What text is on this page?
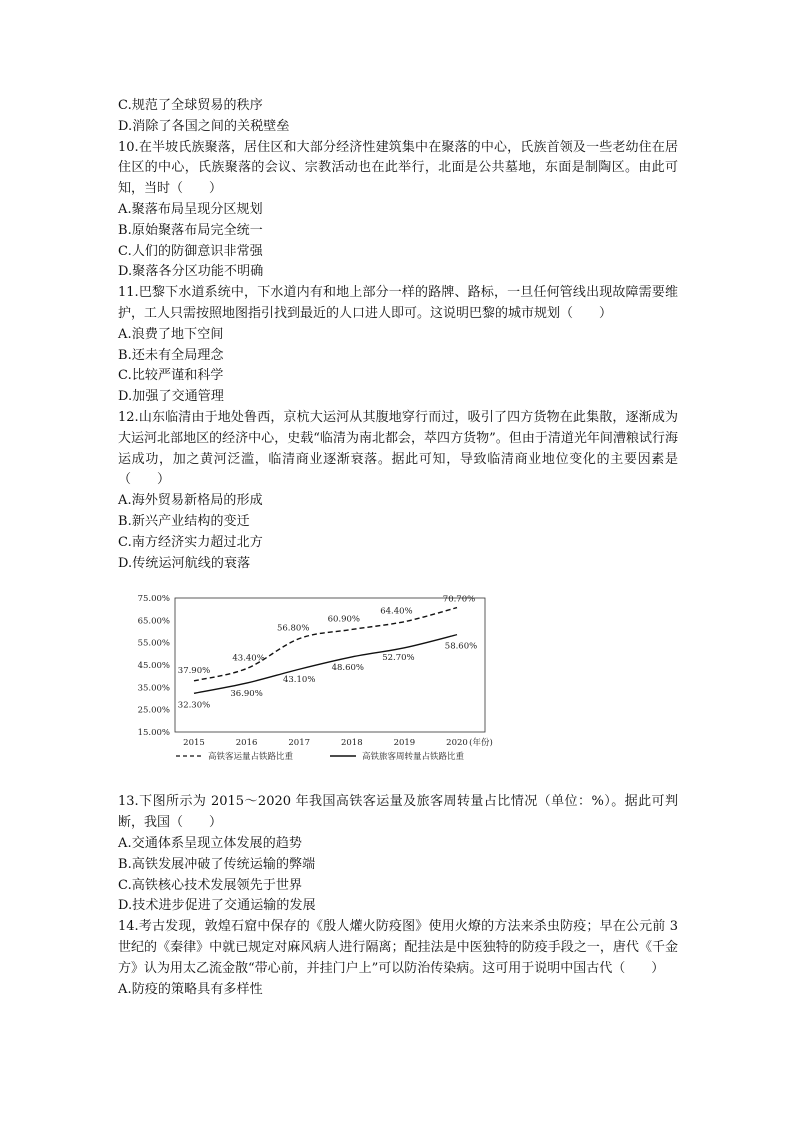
C.规范了全球贸易的秩序
D.消除了各国之间的关税壁垒
10.在半坡氏族聚落，居住区和大部分经济性建筑集中在聚落的中心，氏族首领及一些老幼住在居住区的中心，氏族聚落的会议、宗教活动也在此举行，北面是公共墓地，东面是制陶区。由此可知，当时（　　）
A.聚落布局呈现分区规划
B.原始聚落布局完全统一
C.人们的防御意识非常强
D.聚落各分区功能不明确
11.巴黎下水道系统中，下水道内有和地上部分一样的路牌、路标，一旦任何管线出现故障需要维护，工人只需按照地图指引找到最近的人口进人即可。这说明巴黎的城市规划（　　）
A.浪费了地下空间
B.还未有全局理念
C.比较严谨和科学
D.加强了交通管理
12.山东临清由于地处鲁西，京杭大运河从其腹地穿行而过，吸引了四方货物在此集散，逐渐成为大运河北部地区的经济中心，史载“临清为南北都会，萃四方货物”。但由于清道光年间漕粮试行海运成功，加之黄河泛滥，临清商业逐渐衰落。据此可知，导致临清商业地位变化的主要因素是（　　）
A.海外贸易新格局的形成
B.新兴产业结构的变迁
C.南方经济实力超过北方
D.传统运河航线的衰落
13.下图所示为 2015～2020 年我国高铁客运量及旅客周转量占比情况（单位：%）。据此可判断，我国（　　）
A.交通体系呈现立体发展的趋势
B.高铁发展冲破了传统运输的弊端
C.高铁核心技术发展领先于世界
D.技术进步促进了交通运输的发展
14.考古发现，敦煌石窟中保存的《殷人爟火防疫图》使用火燎的方法来杀虫防疫；早在公元前 3 世纪的《秦律》中就已规定对麻风病人进行隔离；配挂法是中医独特的防疫手段之一，唐代《千金方》认为用太乙流金散“带心前，并挂门户上”可以防治传染病。这可用于说明中国古代（　　）
A.防疫的策略具有多样性
15.00%
25.00%
35.00%
45.00%
55.00%
65.00%
75.00%
2015	2016	2017	2018	2019	2020 (年份)
37.90%
43.40%
56.80%
60.90%
64.40%
70.70%
32.30%
36.90%
43.10%
48.60%
52.70%
58.60%
高铁客运量占铁路比重	高铁旅客周转量占铁路比重
